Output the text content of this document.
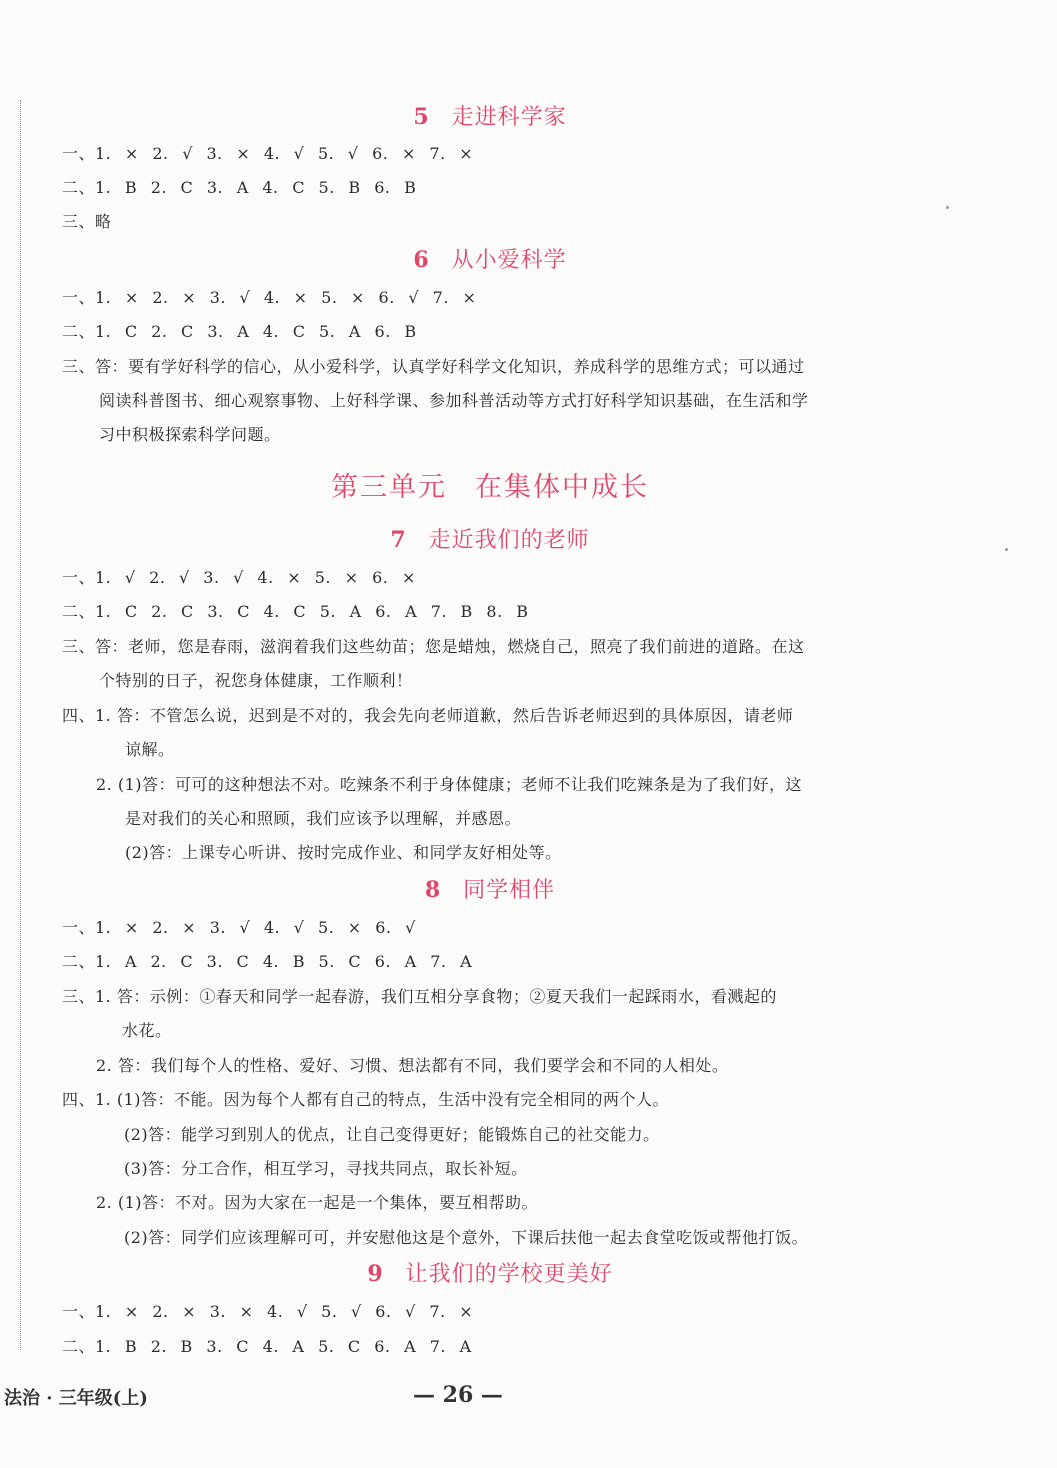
5 走进科学家
一、1. × 2. √ 3. × 4. √ 5. √ 6. × 7. ×
二、1. B 2. C 3. A 4. C 5. B 6. B
三、略
6 从小爱科学
一、1. × 2. × 3. √ 4. × 5. × 6. √ 7. ×
二、1. C 2. C 3. A 4. C 5. A 6. B
三、答：要有学好科学的信心，从小爱科学，认真学好科学文化知识，养成科学的思维方式；可以通过
阅读科普图书、细心观察事物、上好科学课、参加科普活动等方式打好科学知识基础，在生活和学
习中积极探索科学问题。
第三单元 在集体中成长
7 走近我们的老师
一、1. √ 2. √ 3. √ 4. × 5. × 6. ×
二、1. C 2. C 3. C 4. C 5. A 6. A 7. B 8. B
三、答：老师，您是春雨，滋润着我们这些幼苗；您是蜡烛，燃烧自己，照亮了我们前进的道路。在这
个特别的日子，祝您身体健康，工作顺利！
四、1. 答：不管怎么说，迟到是不对的，我会先向老师道歉，然后告诉老师迟到的具体原因，请老师
谅解。
2. (1)答：可可的这种想法不对。吃辣条不利于身体健康；老师不让我们吃辣条是为了我们好，这
是对我们的关心和照顾，我们应该予以理解，并感恩。
(2)答：上课专心听讲、按时完成作业、和同学友好相处等。
8 同学相伴
一、1. × 2. × 3. √ 4. √ 5. × 6. √
二、1. A 2. C 3. C 4. B 5. C 6. A 7. A
三、1. 答：示例：①春天和同学一起春游，我们互相分享食物；②夏天我们一起踩雨水，看溅起的
水花。
2. 答：我们每个人的性格、爱好、习惯、想法都有不同，我们要学会和不同的人相处。
四、1. (1)答：不能。因为每个人都有自己的特点，生活中没有完全相同的两个人。
(2)答：能学习到别人的优点，让自己变得更好；能锻炼自己的社交能力。
(3)答：分工合作，相互学习，寻找共同点，取长补短。
2. (1)答：不对。因为大家在一起是一个集体，要互相帮助。
(2)答：同学们应该理解可可，并安慰他这是个意外，下课后扶他一起去食堂吃饭或帮他打饭。
9 让我们的学校更美好
一、1. × 2. × 3. × 4. √ 5. √ 6. √ 7. ×
二、1. B 2. B 3. C 4. A 5. C 6. A 7. A
法治 · 三年级(上)	— 26 —
